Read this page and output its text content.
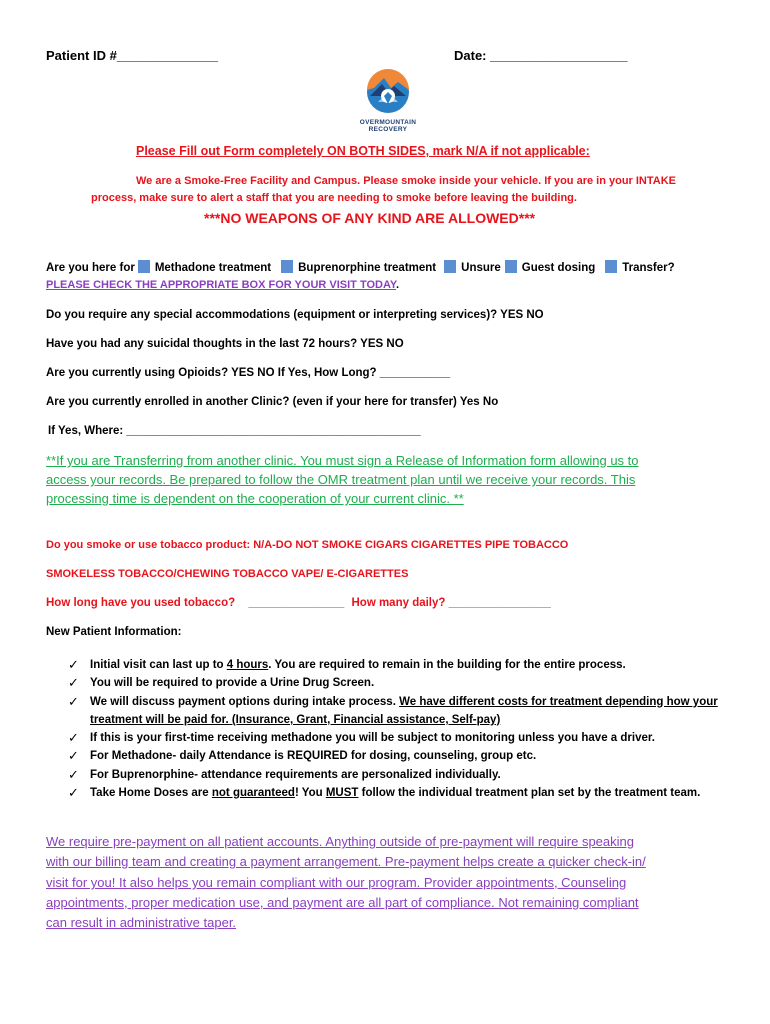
Patient ID #______________	Date: ___________________
OVERMOUNTAIN
RECOVERY
Please Fill out Form completely ON BOTH SIDES, mark N/A if not applicable:
We are a Smoke-Free Facility and Campus. Please smoke inside your vehicle. If you are in your INTAKE
process, make sure to alert a staff that you are needing to smoke before leaving the building.
***NO WEAPONS OF ANY KIND ARE ALLOWED***
Are you here for Methadone treatment Buprenorphine treatment Unsure Guest dosing Transfer?
PLEASE CHECK THE APPROPRIATE BOX FOR YOUR VISIT TODAY.
Do you require any special accommodations (equipment or interpreting services)? YES NO
Have you had any suicidal thoughts in the last 72 hours? YES NO
Are you currently using Opioids? YES NO If Yes, How Long? ___________
Are you currently enrolled in another Clinic? (even if your here for transfer) Yes No
If Yes, Where: ______________________________________________
**If you are Transferring from another clinic. You must sign a Release of Information form allowing us to
access your records. Be prepared to follow the OMR treatment plan until we receive your records. This
processing time is dependent on the cooperation of your current clinic. **
Do you smoke or use tobacco product: N/A-DO NOT SMOKE CIGARS CIGARETTES PIPE TOBACCO
SMOKELESS TOBACCO/CHEWING TOBACCO VAPE/ E-CIGARETTES
How long have you used tobacco? _______________ How many daily? ________________
New Patient Information:
✓ Initial visit can last up to 4 hours. You are required to remain in the building for the entire process.
✓ You will be required to provide a Urine Drug Screen.
✓ We will discuss payment options during intake process. We have different costs for treatment depending how your treatment will be paid for. (Insurance, Grant, Financial assistance, Self-pay)
✓ If this is your first-time receiving methadone you will be subject to monitoring unless you have a driver.
✓ For Methadone- daily Attendance is REQUIRED for dosing, counseling, group etc.
✓ For Buprenorphine- attendance requirements are personalized individually.
✓ Take Home Doses are not guaranteed! You MUST follow the individual treatment plan set by the treatment team.
We require pre-payment on all patient accounts. Anything outside of pre-payment will require speaking
with our billing team and creating a payment arrangement. Pre-payment helps create a quicker check-in/
visit for you! It also helps you remain compliant with our program. Provider appointments, Counseling
appointments, proper medication use, and payment are all part of compliance. Not remaining compliant
can result in administrative taper.
